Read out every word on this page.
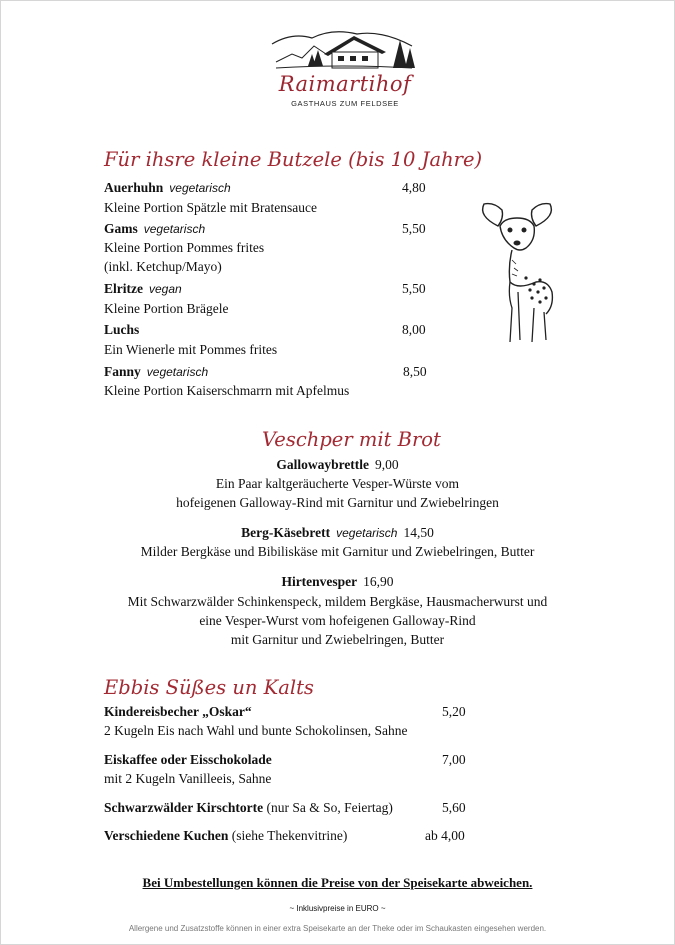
Raimartihof
GASTHAUS ZUM FELDSEE
Für ihsre kleine Butzele (bis 10 Jahre)
Auerhuhn vegetarisch	4,80
Kleine Portion Spätzle mit Bratensauce
Gams vegetarisch	5,50
Kleine Portion Pommes frites
(inkl. Ketchup/Mayo)
Elritze vegan	5,50
Kleine Portion Brägele
Luchs	8,00
Ein Wienerle mit Pommes frites
Fanny vegetarisch	8,50
Kleine Portion Kaiserschmarrn mit Apfelmus
Veschper mit Brot
Gallowaybrettle 9,00
Ein Paar kaltgeräucherte Vesper-Würste vom
hofeigenen Galloway-Rind mit Garnitur und Zwiebelringen
Berg-Käsebrett vegetarisch 14,50
Milder Bergkäse und Bibiliskäse mit Garnitur und Zwiebelringen, Butter
Hirtenvesper 16,90
Mit Schwarzwälder Schinkenspeck, mildem Bergkäse, Hausmacherwurst und
eine Vesper-Wurst vom hofeigenen Galloway-Rind
mit Garnitur und Zwiebelringen, Butter
Ebbis Süßes un Kalts
Kindereisbecher „Oskar“	5,20
2 Kugeln Eis nach Wahl und bunte Schokolinsen, Sahne
Eiskaffee oder Eisschokolade	7,00
mit 2 Kugeln Vanilleeis, Sahne
Schwarzwälder Kirschtorte (nur Sa & So, Feiertag)	5,60
Verschiedene Kuchen (siehe Thekenvitrine)	ab 4,00
Bei Umbestellungen können die Preise von der Speisekarte abweichen.
~ Inklusivpreise in EURO ~
Allergene und Zusatzstoffe können in einer extra Speisekarte an der Theke oder im Schaukasten eingesehen werden.
